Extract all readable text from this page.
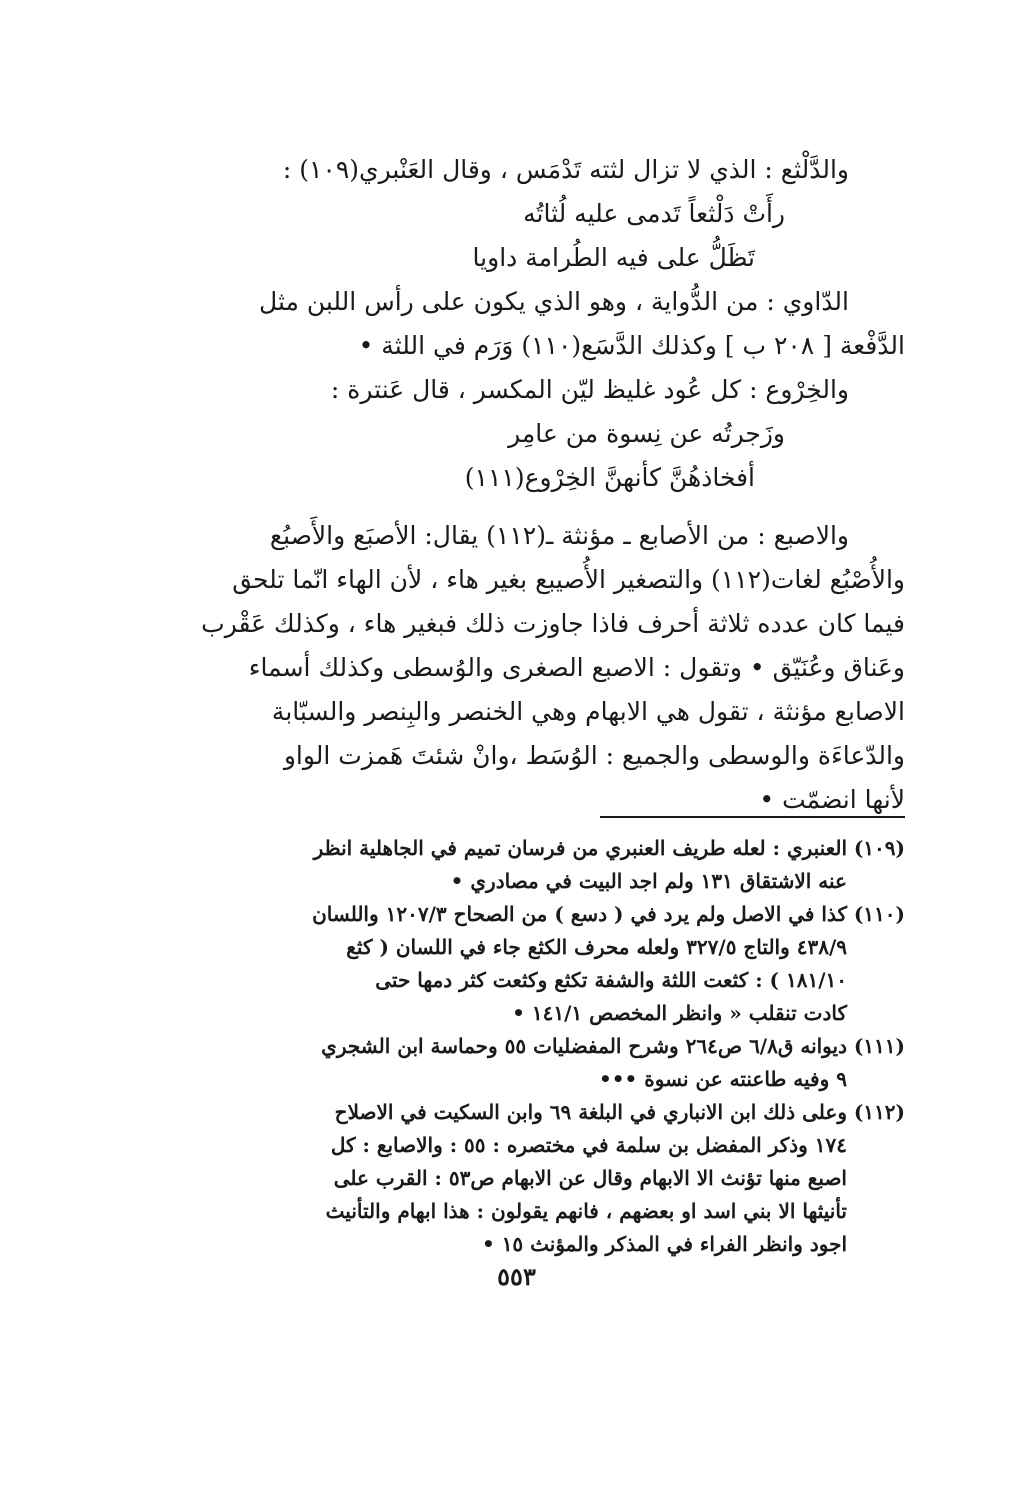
والدَّلْثع : الذي لا تزال لثته تَدْمَس ، وقال العَنْبري(١٠٩) :

رأَتْ دَلْثعاً تَدمى عليه لُثاتُه
تَظَلُّ على فيه الطُرامة داويا

الدّاوي : من الدُّواية ، وهو الذي يكون على رأس اللبن مثل

الدَّفْعة [ ٢٠٨ ب ] وكذلك الدَّسَع(١١٠) وَرَم في اللثة •

والخِرْوع : كل عُود غليظ ليّن المكسر ، قال عَنترة :

وزَجرتُه عن نِسوة من عامِر
أفخاذهُنَّ كأنهنَّ الخِرْوع(١١١)

والاصبع : من الأصابع ـ مؤنثة ـ(١١٢) يقال: الأصبَع والأَصبُع

والأُصْبُع لغات(١١٢) والتصغير الأُصيبع بغير هاء ، لأن الهاء انّما تلحق

فيما كان عدده ثلاثة أحرف فاذا جاوزت ذلك فبغير هاء ، وكذلك عَقْرب

وعَناق وعُنَيّق • وتقول : الاصبع الصغرى والوُسطى وكذلك أسماء

الاصابع مؤنثة ، تقول هي الابهام وهي الخنصر والبِنصر والسبّابة

والدّعاءَة والوسطى والجميع : الوُسَط ،وانْ شئتَ هَمزت الواو

لأنها انضمّت •

(١٠٩)
العنبري : لعله طريف العنبري من فرسان تميم في الجاهلية انظر
عنه الاشتقاق ١٣١ ولم اجد البيت في مصادري •
(١١٠)
كذا في الاصل ولم يرد في ( دسع ) من الصحاح ١٢٠٧/٣ واللسان
٤٣٨/٩ والتاج ٣٢٧/٥ ولعله محرف الكثع جاء في اللسان ( كثع
١٨١/١٠ ) : كثعت اللثة والشفة تكثع وكثعت كثر دمها حتى
كادت تنقلب « وانظر المخصص ١٤١/١ •
(١١١)
ديوانه ق٦/٨ ص٢٦٤ وشرح المفضليات ٥٥ وحماسة ابن الشجري
٩ وفيه طاعنته عن نسوة •••
(١١٢)
وعلى ذلك ابن الانباري في البلغة ٦٩ وابن السكيت في الاصلاح
١٧٤ وذكر المفضل بن سلمة في مختصره : ٥٥ : والاصابع : كل
اصبع منها تؤنث الا الابهام وقال عن الابهام ص٥٣ : القرب على
تأنيثها الا بني اسد او بعضهم ، فانهم يقولون : هذا ابهام والتأنيث
اجود وانظر الفراء في المذكر والمؤنث ١٥ •
٥٥٣
